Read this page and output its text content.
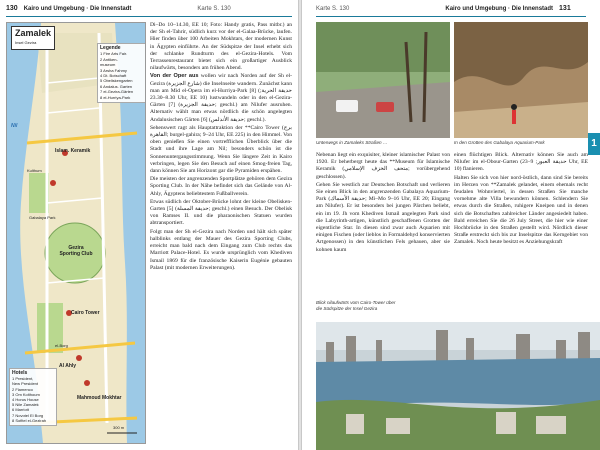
130 Kairo und Umgebung · Die Innenstadt	Karte S. 130
Zamalek
Insel Gezira
Legende
1 Fire Arts Fair.
2 Antiken-
museum
3 Arsha Fahmy
4 Dt. Botschaft
5 Obeliskengarten
6 Andalus. Garten
7 el-Gezira-Gärten
8 el-Hurriya-Park
Islam. Keramik
Kulthum
Gabalaya Park
Gezira Sporting Club
Cairo Tower
Al Ahly
el-Borg
Mahmoud Mokhtar
Nil
300 m
Hotels
1 President,
New President
2 Flamenco
3 Om Kolthoum
4 Horus House
5 Nile Zamalek
6 Marriott
7 Novotel El Borg
8 Sofitel el-Gezirah

Di–Do 10–14.30, EE 10; Foto: Handy gratis, Pass mitbr.) an der Sh el-Tahrir, südlich kurz vor der el-Galaa-Brücke, laufen. Hier finden über 100 Arbeiten Mokhtars, der modernen Kunst in Ägypten einführte. An der Südspitze der Insel erhebt sich der schlanke Rundturm des el-Gezira-Hotels. Vom Terrassenrestaurant bietet sich ein großartiger Ausblick nilaufwärts, besonders am frühen Abend.

Von der Oper aus wollen wir nach Norden auf der Sh el-Gezira (شارع الجزيرة) die Inselnseite wandern. Zunächst kann man am Mid el-Opera im el-Hurriya-Park [8] (حديقة الحرية; 8.30–23.30 Uhr, EE 10) lustwandeln oder in den el-Gezira-Gärten [7] (حديقة الجزيرة; geschl.) am Nilufer ausruhen. Alternativ wählt man etwas nördlich die schön angelegten Andalusischen Gärten [6] (حديقة الأندلس; geschl.).

Sehenswert ragt als Hauptattraktion der **Cairo Tower (برج القاهرة; burgel-gahira; 9–24 Uhr, EE 225) in den Himmel. Von oben genießen Sie einen vortrefflichen Überblick über die Stadt und ihre Lage am Nil; besonders schön ist die Sonnenuntergangsstimmung. Wenn Sie längere Zeit in Kairo verbringen, legen Sie den Besuch auf einen Smog-freien Tag, dann können Sie am Horizont gar die Pyramiden erspähen.

Die meisten der angrenzenden Sportplätze gehören dem Gezira Sporting Club. In der Nähe befindet sich das Gelände von Al-Ahly, Ägyptens beliebtestem Fußballverein.

Etwas südlich der Oktober-Brücke lohnt der kleine Obelisken-Garten [5] (حديقة المسلة; geschl.) einen Besuch. Der Obelisk von Ramses II. und die pharaonischen Statuen wurden abtransportiert.

Folgt man der Sh el-Gezira nach Norden und hält sich später halblinks entlang der Mauer des Gezira Sporting Clubs, erreicht man bald nach dem Eingang zum Club rechts das Marriott Palace-Hotel. Es wurde ursprünglich vom Khediven Ismail 1869 für die französische Kaiserin Eugénie gebauten Palast (mit modernen Erweiterungen).

Karte S. 130	Kairo und Umgebung · Die Innenstadt 131
Unterwegs in Zamaleks Straßen …	In den Grotten des Gabalaya Aquarium-Park	1

Nebenan liegt ein exquisiter, kleiner islamischer Palast von 1920. Er beherbergt heute das **Museum für Islamische Keramik (متحف الخزف الإسلامي; vorübergehend geschlossen).

Gehen Sie westlich zur Deutschen Botschaft und verlieren Sie einen Blick in den angrenzenden Gabalaya Aquarium-Park (حديقة الأسماك; Mi–Mo 9–16 Uhr, EE 20; Eingang am Nilufer). Er ist besonders bei jungen Pärchen beliebt, ein im 19. Jh vom Khediven Ismail angelegten Park sind die Labyrinth-artigen, künstlich geschaffenen Grotten der eigentliche Star. In diesen sind zwar auch Aquarien mit einigen Fischen (oder lieblos in Formaldehyd konservierten Artgenossen) in den künstlichen Fels gehauen, aber sie kohnen kaum

einen flüchtigen Blick. Alternativ können Sie auch am Nilufer im el-Obour-Garten (حديقة العبور; 9–23 Uhr, EE 10) flanieren.

Halten Sie sich von hier nord-östlich, dann sind Sie bereits im Herzen von **Zamalek gelandet, einem ehemals recht feudalen Wohnviertel, in dessen Straßen Sie manche vornehme alte Villa bewundern können. Schlendern Sie etwas durch die Straßen, ruhigere Kneipen und in denen sich die Botschaften zahlreicher Länder angesiedelt haben. Bald erreichen Sie die 26 July Street, die hier wie einer Hochbrücke in den Straßen gestellt wird. Nördlich dieser Straße erstreckt sich bis zur Inselspitze das Kerngebiet von Zamalek. Noch heute besitzt es Anziehungskraft

Blick nilaufwärts vom Cairo-Tower über die Südspitze der Insel Gezira
